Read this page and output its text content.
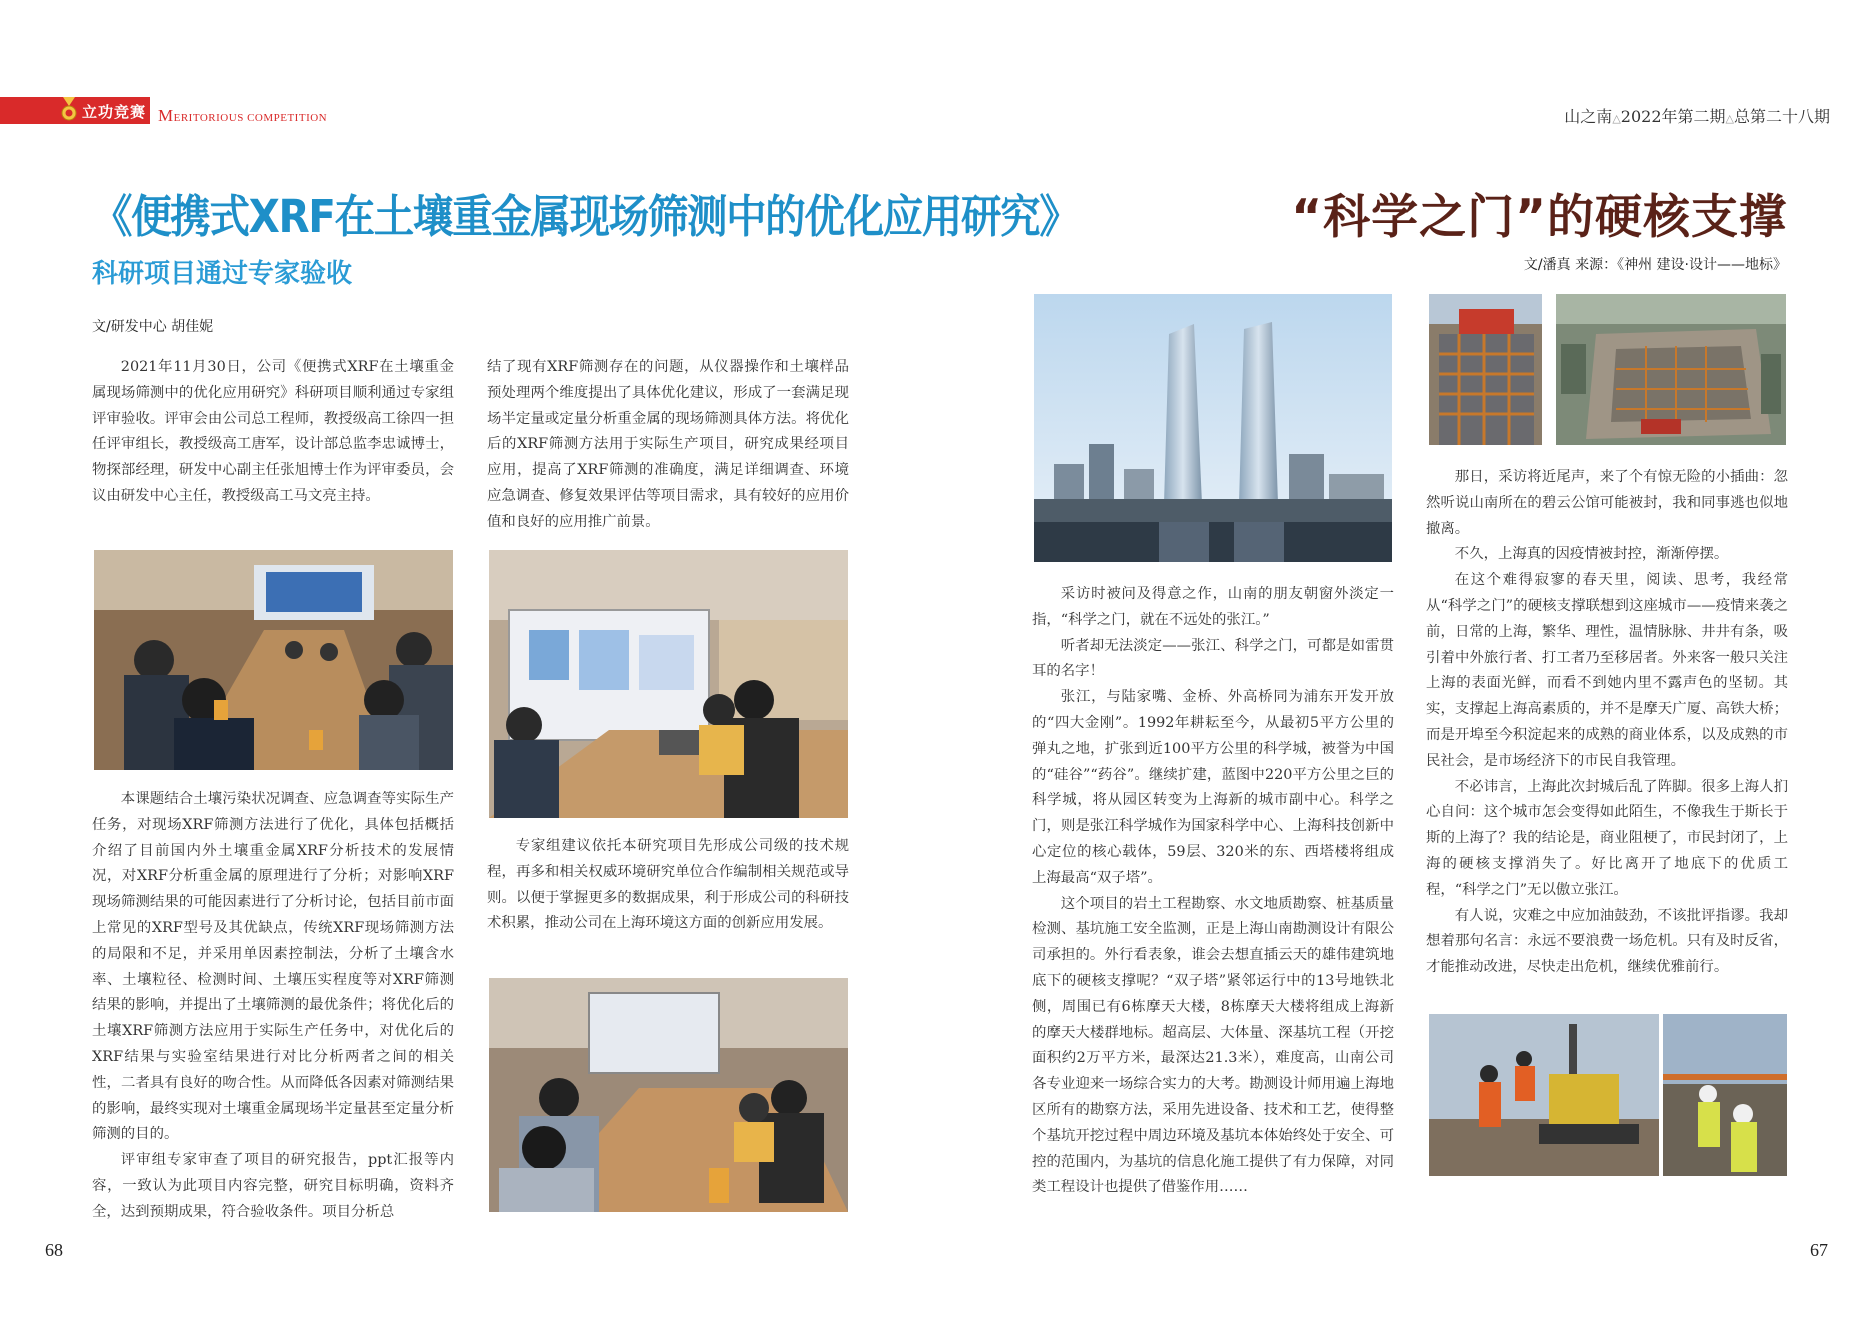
立功竞赛 MERITORIOUS COMPETITION	山之南△2022年第二期△总第二十八期
《便携式XRF在土壤重金属现场筛测中的优化应用研究》
科研项目通过专家验收
文/研发中心 胡佳妮

2021年11月30日，公司《便携式XRF在土壤重金属现场筛测中的优化应用研究》科研项目顺利通过专家组评审验收。评审会由公司总工程师，教授级高工徐四一担任评审组长，教授级高工唐军，设计部总监李忠诚博士，物探部经理，研发中心副主任张旭博士作为评审委员，会议由研发中心主任，教授级高工马文亮主持。

本课题结合土壤污染状况调查、应急调查等实际生产任务，对现场XRF筛测方法进行了优化，具体包括概括介绍了目前国内外土壤重金属XRF分析技术的发展情况，对XRF分析重金属的原理进行了分析；对影响XRF现场筛测结果的可能因素进行了分析讨论，包括目前市面上常见的XRF型号及其优缺点，传统XRF现场筛测方法的局限和不足，并采用单因素控制法，分析了土壤含水率、土壤粒径、检测时间、土壤压实程度等对XRF筛测结果的影响，并提出了土壤筛测的最优条件；将优化后的土壤XRF筛测方法应用于实际生产任务中，对优化后的XRF结果与实验室结果进行对比分析两者之间的相关性，二者具有良好的吻合性。从而降低各因素对筛测结果的影响，最终实现对土壤重金属现场半定量甚至定量分析筛测的目的。

评审组专家审查了项目的研究报告，ppt汇报等内容，一致认为此项目内容完整，研究目标明确，资料齐全，达到预期成果，符合验收条件。项目分析总

结了现有XRF筛测存在的问题，从仪器操作和土壤样品预处理两个维度提出了具体优化建议，形成了一套满足现场半定量或定量分析重金属的现场筛测具体方法。将优化后的XRF筛测方法用于实际生产项目，研究成果经项目应用，提高了XRF筛测的准确度，满足详细调查、环境应急调查、修复效果评估等项目需求，具有较好的应用价值和良好的应用推广前景。

专家组建议依托本研究项目先形成公司级的技术规程，再多和相关权威环境研究单位合作编制相关规范或导则。以便于掌握更多的数据成果，利于形成公司的科研技术积累，推动公司在上海环境这方面的创新应用发展。

“科学之门”的硬核支撑
文/潘真 来源：《神州 建设·设计——地标》

采访时被问及得意之作，山南的朋友朝窗外淡定一指，“科学之门，就在不远处的张江。”

听者却无法淡定——张江、科学之门，可都是如雷贯耳的名字！

张江，与陆家嘴、金桥、外高桥同为浦东开发开放的“四大金刚”。1992年耕耘至今，从最初5平方公里的弹丸之地，扩张到近100平方公里的科学城，被誉为中国的“硅谷”“药谷”。继续扩建，蓝图中220平方公里之巨的科学城，将从园区转变为上海新的城市副中心。科学之门，则是张江科学城作为国家科学中心、上海科技创新中心定位的核心载体，59层、320米的东、西塔楼将组成上海最高“双子塔”。

这个项目的岩土工程勘察、水文地质勘察、桩基质量检测、基坑施工安全监测，正是上海山南勘测设计有限公司承担的。外行看表象，谁会去想直插云天的雄伟建筑地底下的硬核支撑呢？“双子塔”紧邻运行中的13号地铁北侧，周围已有6栋摩天大楼，8栋摩天大楼将组成上海新的摩天大楼群地标。超高层、大体量、深基坑工程（开挖面积约2万平方米，最深达21.3米），难度高，山南公司各专业迎来一场综合实力的大考。勘测设计师用遍上海地区所有的勘察方法，采用先进设备、技术和工艺，使得整个基坑开挖过程中周边环境及基坑本体始终处于安全、可控的范围内，为基坑的信息化施工提供了有力保障，对同类工程设计也提供了借鉴作用……

那日，采访将近尾声，来了个有惊无险的小插曲：忽然听说山南所在的碧云公馆可能被封，我和同事逃也似地撤离。

不久，上海真的因疫情被封控，渐渐停摆。

在这个难得寂寥的春天里，阅读、思考，我经常从“科学之门”的硬核支撑联想到这座城市——疫情来袭之前，日常的上海，繁华、理性，温情脉脉、井井有条，吸引着中外旅行者、打工者乃至移居者。外来客一般只关注上海的表面光鲜，而看不到她内里不露声色的坚韧。其实，支撑起上海高素质的，并不是摩天广厦、高铁大桥；而是开埠至今积淀起来的成熟的商业体系，以及成熟的市民社会，是市场经济下的市民自我管理。

不必讳言，上海此次封城后乱了阵脚。很多上海人扪心自问：这个城市怎会变得如此陌生，不像我生于斯长于斯的上海了？我的结论是，商业阻梗了，市民封闭了，上海的硬核支撑消失了。好比离开了地底下的优质工程，“科学之门”无以傲立张江。

有人说，灾难之中应加油鼓劲，不该批评指谬。我却想着那句名言：永远不要浪费一场危机。只有及时反省，才能推动改进，尽快走出危机，继续优雅前行。

68	67
